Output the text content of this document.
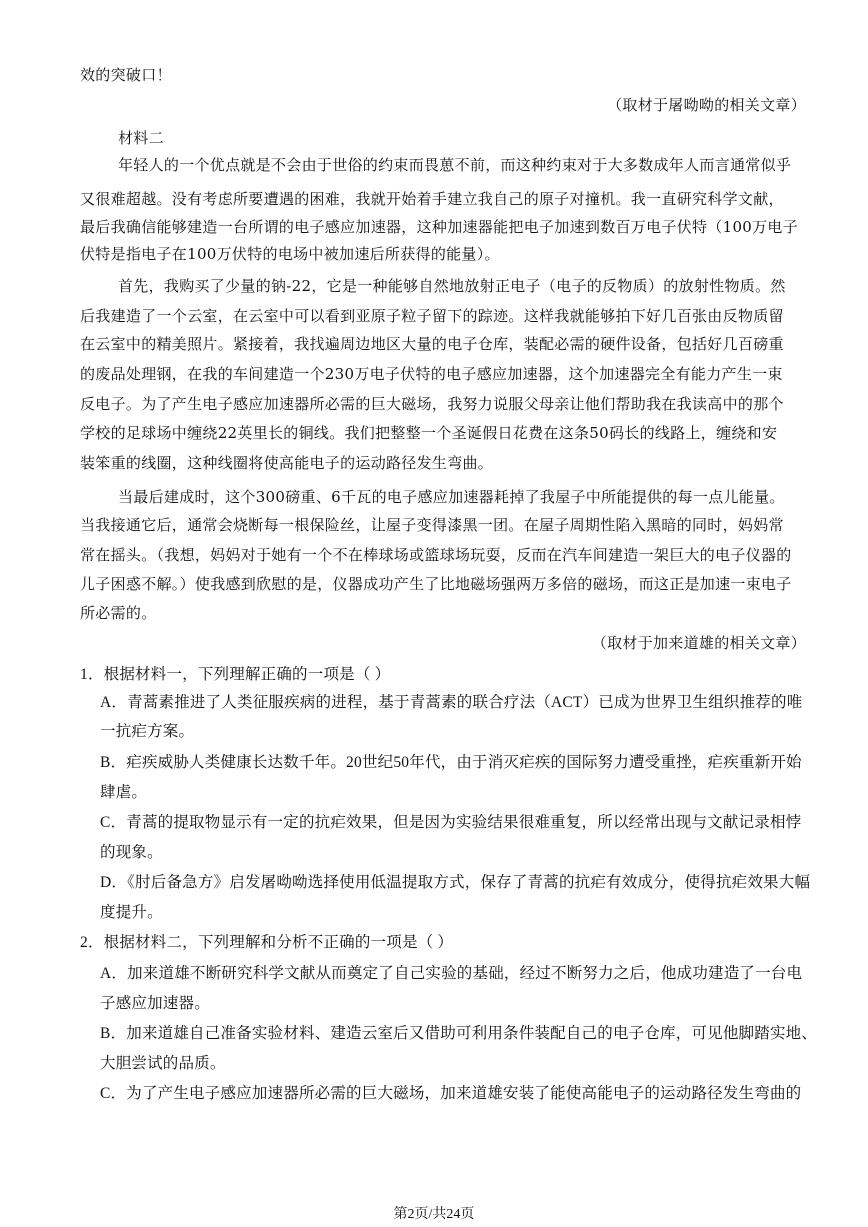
效的突破口！
（取材于屠呦呦的相关文章）
材料二
年轻人的一个优点就是不会由于世俗的约束而畏葸不前，而这种约束对于大多数成年人而言通常似乎
又很难超越。没有考虑所要遭遇的困难，我就开始着手建立我自己的原子对撞机。我一直研究科学文献，
最后我确信能够建造一台所谓的电子感应加速器，这种加速器能把电子加速到数百万电子伏特（100万电子
伏特是指电子在100万伏特的电场中被加速后所获得的能量）。
首先，我购买了少量的钠-22，它是一种能够自然地放射正电子（电子的反物质）的放射性物质。然
后我建造了一个云室，在云室中可以看到亚原子粒子留下的踪迹。这样我就能够拍下好几百张由反物质留
在云室中的精美照片。紧接着，我找遍周边地区大量的电子仓库，装配必需的硬件设备，包括好几百磅重
的废品处理钢，在我的车间建造一个230万电子伏特的电子感应加速器，这个加速器完全有能力产生一束
反电子。为了产生电子感应加速器所必需的巨大磁场，我努力说服父母亲让他们帮助我在我读高中的那个
学校的足球场中缠绕22英里长的铜线。我们把整整一个圣诞假日花费在这条50码长的线路上，缠绕和安
装笨重的线圈，这种线圈将使高能电子的运动路径发生弯曲。
当最后建成时，这个300磅重、6千瓦的电子感应加速器耗掉了我屋子中所能提供的每一点儿能量。
当我接通它后，通常会烧断每一根保险丝，让屋子变得漆黑一团。在屋子周期性陷入黑暗的同时，妈妈常
常在摇头。（我想，妈妈对于她有一个不在棒球场或篮球场玩耍，反而在汽车间建造一架巨大的电子仪器的
儿子困惑不解。）使我感到欣慰的是，仪器成功产生了比地磁场强两万多倍的磁场，而这正是加速一束电子
所必需的。
（取材于加来道雄的相关文章）
1．根据材料一，下列理解正确的一项是（ ）
A．青蒿素推进了人类征服疾病的进程，基于青蒿素的联合疗法（ACT）已成为世界卫生组织推荐的唯
一抗疟方案。
B．疟疾威胁人类健康长达数千年。20世纪50年代，由于消灭疟疾的国际努力遭受重挫，疟疾重新开始
肆虐。
C．青蒿的提取物显示有一定的抗疟效果，但是因为实验结果很难重复，所以经常出现与文献记录相悖
的现象。
D．《肘后备急方》启发屠呦呦选择使用低温提取方式，保存了青蒿的抗疟有效成分，使得抗疟效果大幅
度提升。
2．根据材料二，下列理解和分析不正确的一项是（ ）
A．加来道雄不断研究科学文献从而奠定了自己实验的基础，经过不断努力之后，他成功建造了一台电
子感应加速器。
B．加来道雄自己准备实验材料、建造云室后又借助可利用条件装配自己的电子仓库，可见他脚踏实地、
大胆尝试的品质。
C．为了产生电子感应加速器所必需的巨大磁场，加来道雄安装了能使高能电子的运动路径发生弯曲的
第2页/共24页
